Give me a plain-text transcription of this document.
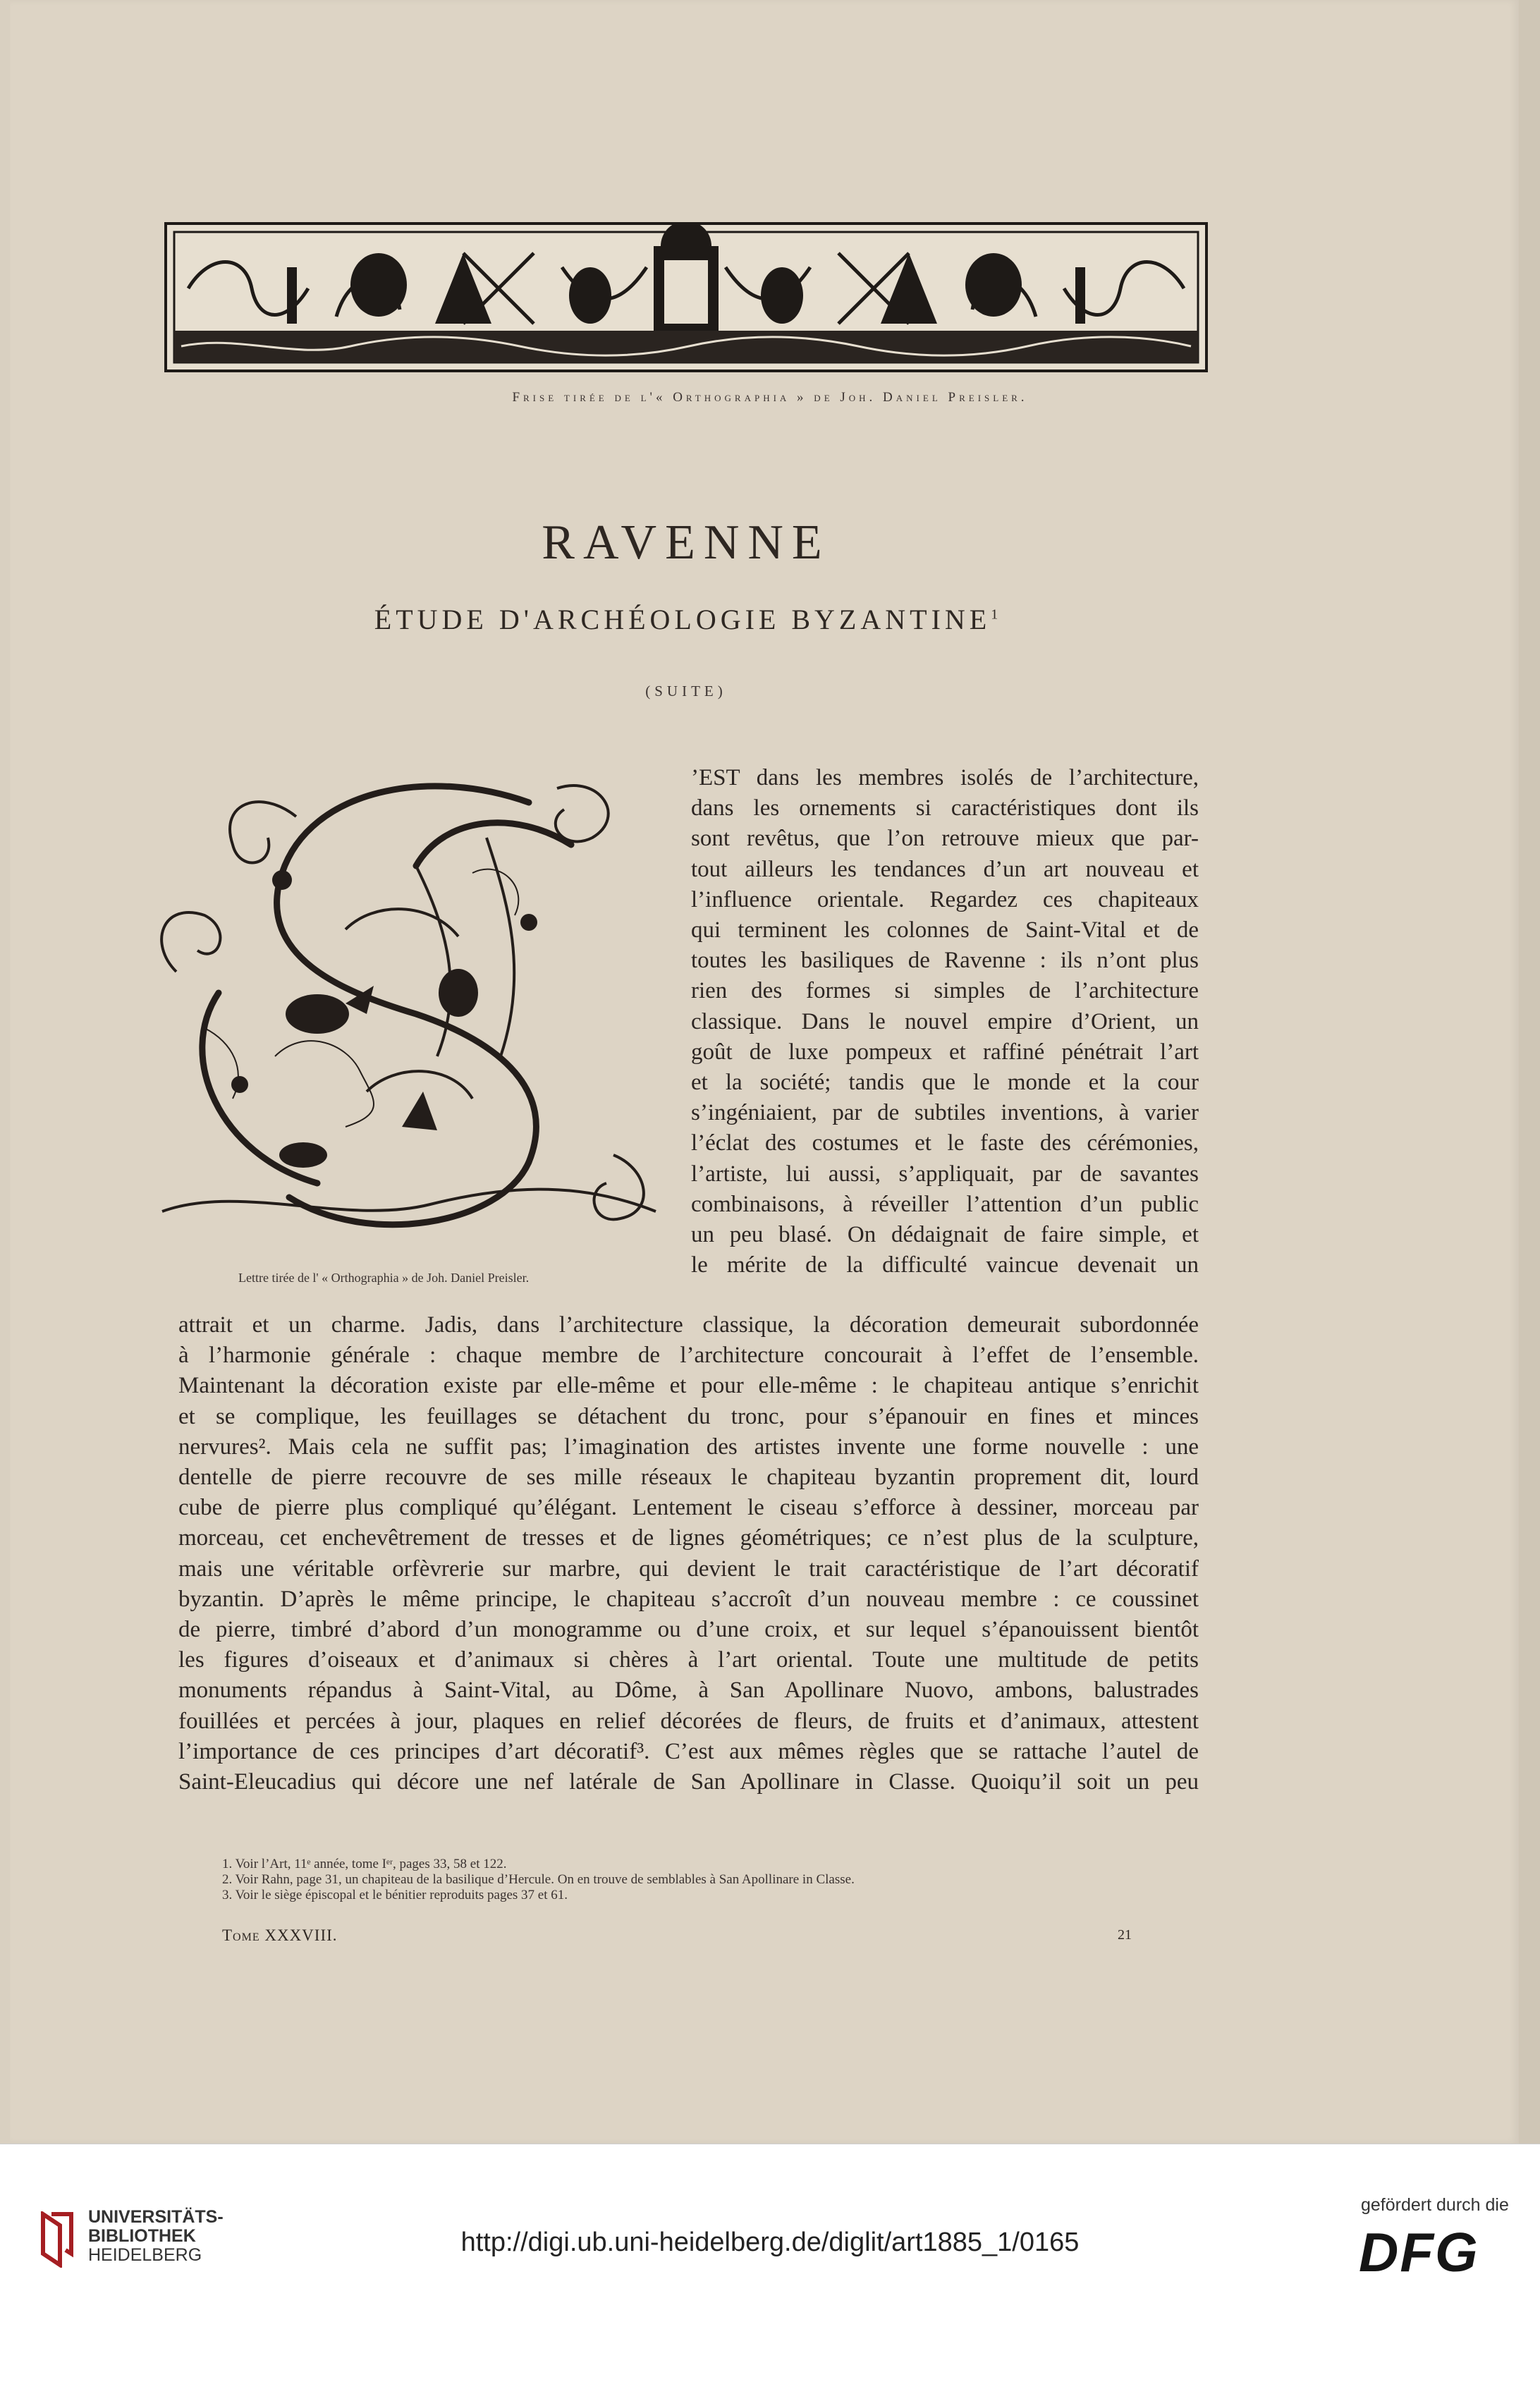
Frise tirée de l'« Orthographia » de Joh. Daniel Preisler.
RAVENNE
ÉTUDE D'ARCHÉOLOGIE BYZANTINE$^1$
(SUITE)
Lettre tirée de l' « Orthographia » de Joh. Daniel Preisler.
’EST dans les membres isolés de l’architecture,
dans les ornements si caractéristiques dont ils
sont revêtus, que l’on retrouve mieux que par-
tout ailleurs les tendances d’un art nouveau et
l’influence orientale. Regardez ces chapiteaux
qui terminent les colonnes de Saint-Vital et de
toutes les basiliques de Ravenne : ils n’ont plus
rien des formes si simples de l’architecture
classique. Dans le nouvel empire d’Orient, un
goût de luxe pompeux et raffiné pénétrait l’art
et la société; tandis que le monde et la cour
s’ingéniaient, par de subtiles inventions, à varier
l’éclat des costumes et le faste des cérémonies,
l’artiste, lui aussi, s’appliquait, par de savantes
combinaisons, à réveiller l’attention d’un public
un peu blasé. On dédaignait de faire simple, et
le mérite de la difficulté vaincue devenait un
attrait et un charme. Jadis, dans l’architecture classique, la décoration demeurait subordonnée
à l’harmonie générale : chaque membre de l’architecture concourait à l’effet de l’ensemble.
Maintenant la décoration existe par elle-même et pour elle-même : le chapiteau antique s’enrichit
et se complique, les feuillages se détachent du tronc, pour s’épanouir en fines et minces
nervures². Mais cela ne suffit pas; l’imagination des artistes invente une forme nouvelle : une
dentelle de pierre recouvre de ses mille réseaux le chapiteau byzantin proprement dit, lourd
cube de pierre plus compliqué qu’élégant. Lentement le ciseau s’efforce à dessiner, morceau par
morceau, cet enchevêtrement de tresses et de lignes géométriques; ce n’est plus de la sculpture,
mais une véritable orfèvrerie sur marbre, qui devient le trait caractéristique de l’art décoratif
byzantin. D’après le même principe, le chapiteau s’accroît d’un nouveau membre : ce coussinet
de pierre, timbré d’abord d’un monogramme ou d’une croix, et sur lequel s’épanouissent bientôt
les figures d’oiseaux et d’animaux si chères à l’art oriental. Toute une multitude de petits
monuments répandus à Saint-Vital, au Dôme, à San Apollinare Nuovo, ambons, balustrades
fouillées et percées à jour, plaques en relief décorées de fleurs, de fruits et d’animaux, attestent
l’importance de ces principes d’art décoratif³. C’est aux mêmes règles que se rattache l’autel de
Saint-Eleucadius qui décore une nef latérale de San Apollinare in Classe. Quoiqu’il soit un peu
1. Voir l’Art, 11ᵉ année, tome Iᵉʳ, pages 33, 58 et 122.
2. Voir Rahn, page 31, un chapiteau de la basilique d’Hercule. On en trouve de semblables à San Apollinare in Classe.
3. Voir le siège épiscopal et le bénitier reproduits pages 37 et 61.
Tome XXXVIII.	21
UNIVERSITÄTS-
BIBLIOTHEK
HEIDELBERG	http://digi.ub.uni-heidelberg.de/diglit/art1885_1/0165
gefördert durch die
DFG
